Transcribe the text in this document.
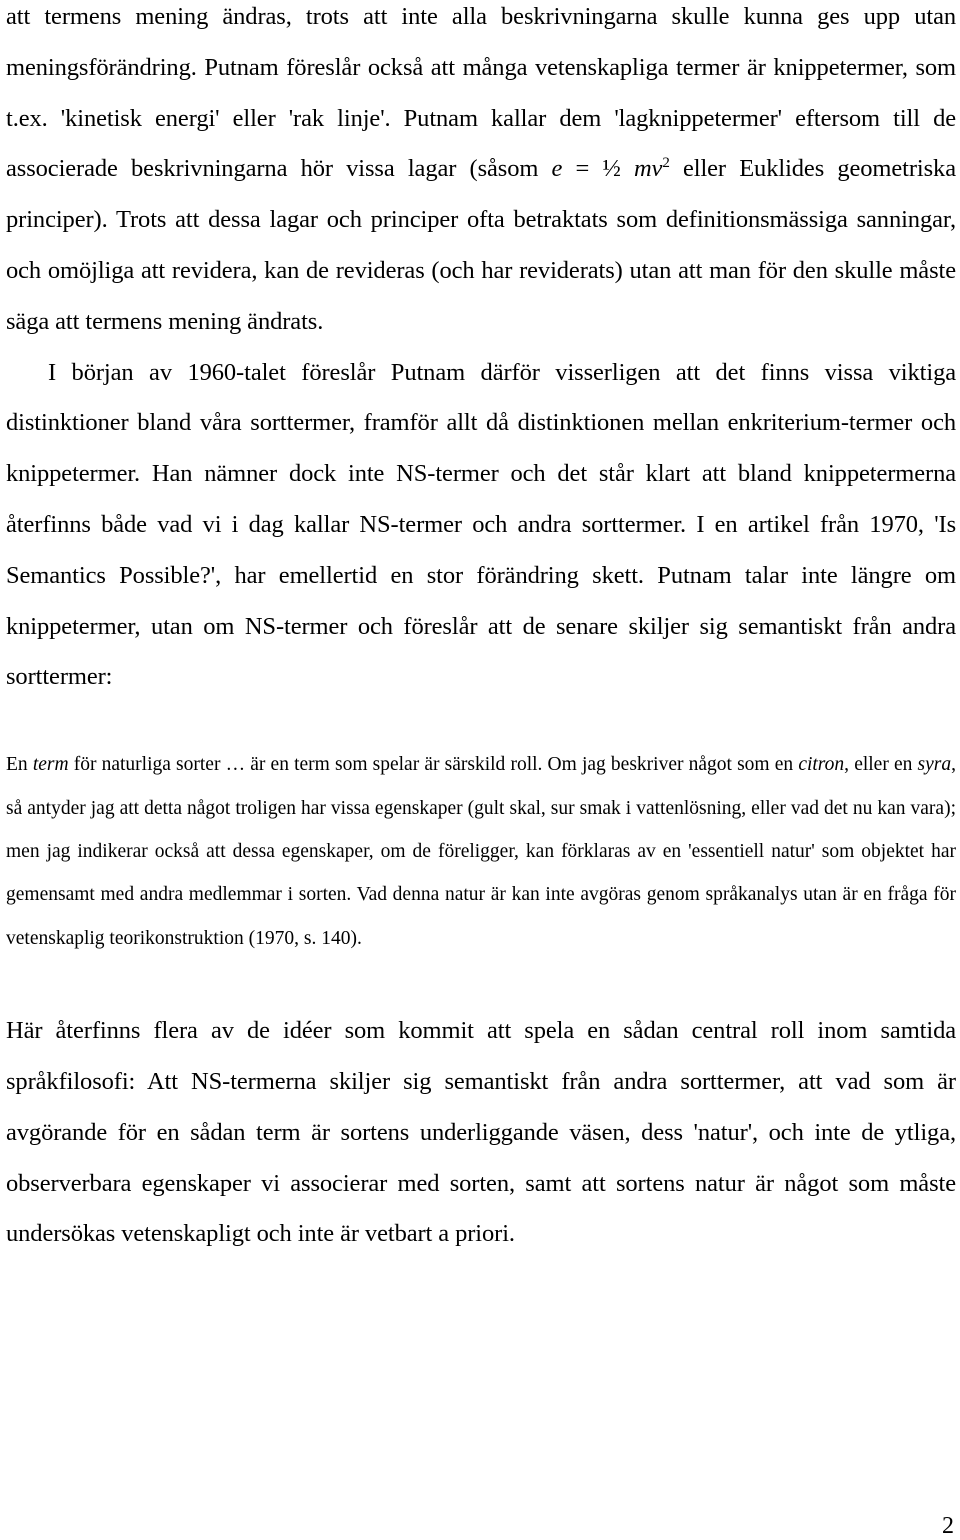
att termens mening ändras, trots att inte alla beskrivningarna skulle kunna ges upp utan meningsförändring. Putnam föreslår också att många vetenskapliga termer är knippetermer, som t.ex. 'kinetisk energi' eller 'rak linje'. Putnam kallar dem 'lagknippetermer' eftersom till de associerade beskrivningarna hör vissa lagar (såsom e = ½ $mv^2$ eller Euklides geometriska principer). Trots att dessa lagar och principer ofta betraktats som definitionsmässiga sanningar, och omöjliga att revidera, kan de revideras (och har reviderats) utan att man för den skulle måste säga att termens mening ändrats.

I början av 1960-talet föreslår Putnam därför visserligen att det finns vissa viktiga distinktioner bland våra sorttermer, framför allt då distinktionen mellan enkriterium-termer och knippetermer. Han nämner dock inte NS-termer och det står klart att bland knippetermerna återfinns både vad vi i dag kallar NS-termer och andra sorttermer. I en artikel från 1970, 'Is Semantics Possible?', har emellertid en stor förändring skett. Putnam talar inte längre om knippetermer, utan om NS-termer och föreslår att de senare skiljer sig semantiskt från andra sorttermer:

En term för naturliga sorter … är en term som spelar är särskild roll. Om jag beskriver något som en citron, eller en syra, så antyder jag att detta något troligen har vissa egenskaper (gult skal, sur smak i vattenlösning, eller vad det nu kan vara); men jag indikerar också att dessa egenskaper, om de föreligger, kan förklaras av en 'essentiell natur' som objektet har gemensamt med andra medlemmar i sorten. Vad denna natur är kan inte avgöras genom språkanalys utan är en fråga för vetenskaplig teorikonstruktion (1970, s. 140).

Här återfinns flera av de idéer som kommit att spela en sådan central roll inom samtida språkfilosofi: Att NS-termerna skiljer sig semantiskt från andra sorttermer, att vad som är avgörande för en sådan term är sortens underliggande väsen, dess 'natur', och inte de ytliga, observerbara egenskaper vi associerar med sorten, samt att sortens natur är något som måste undersökas vetenskapligt och inte är vetbart a priori.

2
